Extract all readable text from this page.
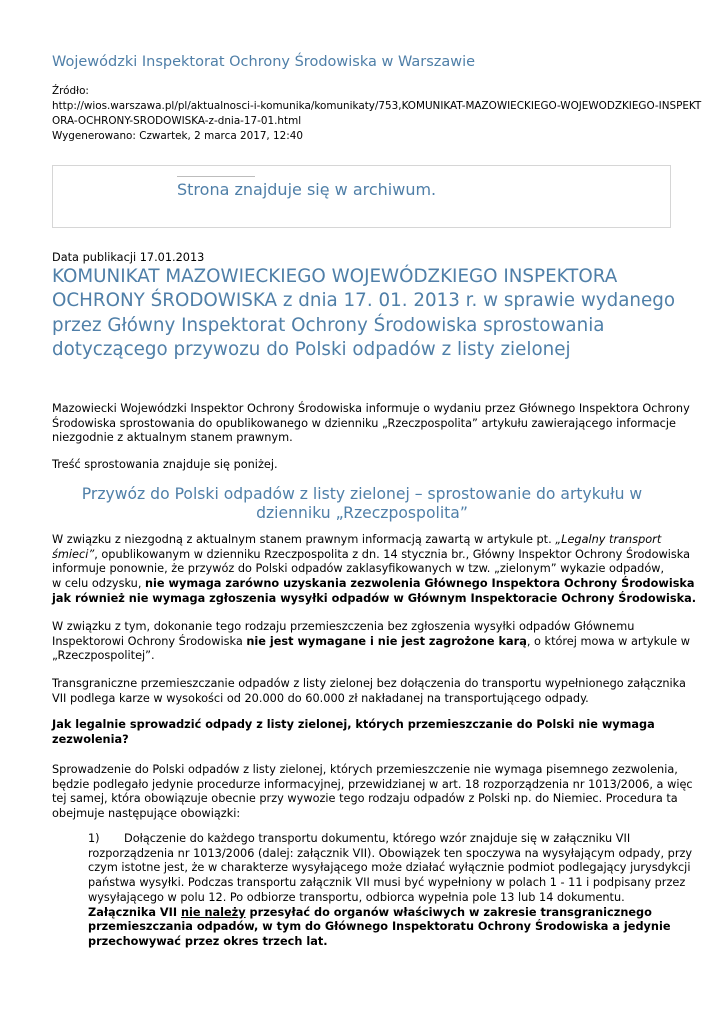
Wojewódzki Inspektorat Ochrony Środowiska w Warszawie
Źródło:
http://wios.warszawa.pl/pl/aktualnosci-i-komunika/komunikaty/753,KOMUNIKAT-MAZOWIECKIEGO-WOJEWODZKIEGO-INSPEKT
ORA-OCHRONY-SRODOWISKA-z-dnia-17-01.html
Wygenerowano: Czwartek, 2 marca 2017, 12:40
Strona znajduje się w archiwum.
Data publikacji 17.01.2013
KOMUNIKAT MAZOWIECKIEGO WOJEWÓDZKIEGO INSPEKTORA
OCHRONY ŚRODOWISKA z dnia 17. 01. 2013 r. w sprawie wydanego
przez Główny Inspektorat Ochrony Środowiska sprostowania
dotyczącego przywozu do Polski odpadów z listy zielonej
Mazowiecki Wojewódzki Inspektor Ochrony Środowiska informuje o wydaniu przez Głównego Inspektora Ochrony
Środowiska sprostowania do opublikowanego w dzienniku „Rzeczpospolita” artykułu zawierającego informacje
niezgodnie z aktualnym stanem prawnym.
Treść sprostowania znajduje się poniżej.
Przywóz do Polski odpadów z listy zielonej – sprostowanie do artykułu w
dzienniku „Rzeczpospolita”
W związku z niezgodną z aktualnym stanem prawnym informacją zawartą w artykule pt. „Legalny transport
śmieci”, opublikowanym w dzienniku Rzeczpospolita z dn. 14 stycznia br., Główny Inspektor Ochrony Środowiska
informuje ponownie, że przywóz do Polski odpadów zaklasyfikowanych w tzw. „zielonym” wykazie odpadów,
w celu odzysku, nie wymaga zarówno uzyskania zezwolenia Głównego Inspektora Ochrony Środowiska
jak również nie wymaga zgłoszenia wysyłki odpadów w Głównym Inspektoracie Ochrony Środowiska.
W związku z tym, dokonanie tego rodzaju przemieszczenia bez zgłoszenia wysyłki odpadów Głównemu
Inspektorowi Ochrony Środowiska nie jest wymagane i nie jest zagrożone karą, o której mowa w artykule w
„Rzeczpospolitej”.
Transgraniczne przemieszczanie odpadów z listy zielonej bez dołączenia do transportu wypełnionego załącznika
VII podlega karze w wysokości od 20.000 do 60.000 zł nakładanej na transportującego odpady.
Jak legalnie sprowadzić odpady z listy zielonej, których przemieszczanie do Polski nie wymaga
zezwolenia?
Sprowadzenie do Polski odpadów z listy zielonej, których przemieszczenie nie wymaga pisemnego zezwolenia,
będzie podlegało jedynie procedurze informacyjnej, przewidzianej w art. 18 rozporządzenia nr 1013/2006, a więc
tej samej, która obowiązuje obecnie przy wywozie tego rodzaju odpadów z Polski np. do Niemiec. Procedura ta
obejmuje następujące obowiązki:
1) Dołączenie do każdego transportu dokumentu, którego wzór znajduje się w załączniku VII
rozporządzenia nr 1013/2006 (dalej: załącznik VII). Obowiązek ten spoczywa na wysyłającym odpady, przy
czym istotne jest, że w charakterze wysyłającego może działać wyłącznie podmiot podlegający jurysdykcji
państwa wysyłki. Podczas transportu załącznik VII musi być wypełniony w polach 1 - 11 i podpisany przez
wysyłającego w polu 12. Po odbiorze transportu, odbiorca wypełnia pole 13 lub 14 dokumentu.
Załącznika VII nie należy przesyłać do organów właściwych w zakresie transgranicznego
przemieszczania odpadów, w tym do Głównego Inspektoratu Ochrony Środowiska a jedynie
przechowywać przez okres trzech lat.
